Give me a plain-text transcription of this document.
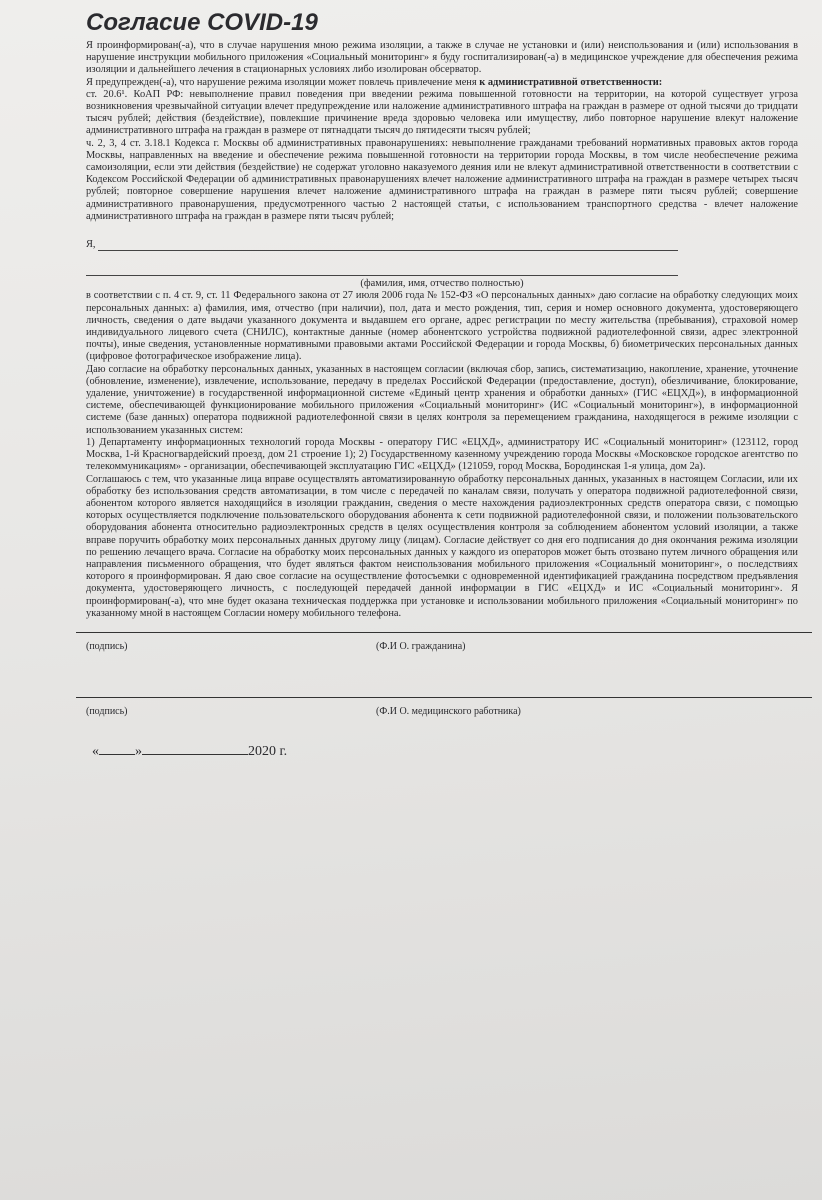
Согласие COVID-19

Я проинформирован(-а), что в случае нарушения мною режима изоляции, а также в случае не установки и (или) неиспользования и (или) использования в нарушение инструкции мобильного приложения «Социальный мониторинг» я буду госпитализирован(-а) в медицинское учреждение для обеспечения режима изоляции и дальнейшего лечения в стационарных условиях либо изолирован обсерватор.

Я предупрежден(-а), что нарушение режима изоляции может повлечь привлечение меня к административной ответственности:

ст. 20.6¹. КоАП РФ: невыполнение правил поведения при введении режима повышенной готовности на территории, на которой существует угроза возникновения чрезвычайной ситуации влечет предупреждение или наложение административного штрафа на граждан в размере от одной тысячи до тридцати тысяч рублей; действия (бездействие), повлекшие причинение вреда здоровью человека или имуществу, либо повторное нарушение влекут наложение административного штрафа на граждан в размере от пятнадцати тысяч до пятидесяти тысяч рублей;

ч. 2, 3, 4 ст. 3.18.1 Кодекса г. Москвы об административных правонарушениях: невыполнение гражданами требований нормативных правовых актов города Москвы, направленных на введение и обеспечение режима повышенной готовности на территории города Москвы, в том числе необеспечение режима самоизоляции, если эти действия (бездействие) не содержат уголовно наказуемого деяния или не влекут административной ответственности в соответствии с Кодексом Российской Федерации об административных правонарушениях влечет наложение административного штрафа на граждан в размере четырех тысяч рублей; повторное совершение нарушения влечет наложение административного штрафа на граждан в размере пяти тысяч рублей; совершение административного правонарушения, предусмотренного частью 2 настоящей статьи, с использованием транспортного средства - влечет наложение административного штрафа на граждан в размере пяти тысяч рублей;

Я,
(фамилия, имя, отчество полностью)

в соответствии с п. 4 ст. 9, ст. 11 Федерального закона от 27 июля 2006 года № 152-ФЗ «О персональных данных» даю согласие на обработку следующих моих персональных данных: а) фамилия, имя, отчество (при наличии), пол, дата и место рождения, тип, серия и номер основного документа, удостоверяющего личность, сведения о дате выдачи указанного документа и выдавшем его органе, адрес регистрации по месту жительства (пребывания), страховой номер индивидуального лицевого счета (СНИЛС), контактные данные (номер абонентского устройства подвижной радиотелефонной связи, адрес электронной почты), иные сведения, установленные нормативными правовыми актами Российской Федерации и города Москвы, б) биометрических персональных данных (цифровое фотографическое изображение лица).

Даю согласие на обработку персональных данных, указанных в настоящем согласии (включая сбор, запись, систематизацию, накопление, хранение, уточнение (обновление, изменение), извлечение, использование, передачу в пределах Российской Федерации (предоставление, доступ), обезличивание, блокирование, удаление, уничтожение) в государственной информационной системе «Единый центр хранения и обработки данных» (ГИС «ЕЦХД»), в информационной системе, обеспечивающей функционирование мобильного приложения «Социальный мониторинг» (ИС «Социальный мониторинг»), в информационной системе (базе данных) оператора подвижной радиотелефонной связи в целях контроля за перемещением гражданина, находящегося в режиме изоляции с использованием указанных систем:

1) Департаменту информационных технологий города Москвы - оператору ГИС «ЕЦХД», администратору ИС «Социальный мониторинг» (123112, город Москва, 1-й Красногвардейский проезд, дом 21 строение 1); 2) Государственному казенному учреждению города Москвы «Московское городское агентство по телекоммуникациям» - организации, обеспечивающей эксплуатацию ГИС «ЕЦХД» (121059, город Москва, Бородинская 1-я улица, дом 2а).

Соглашаюсь с тем, что указанные лица вправе осуществлять автоматизированную обработку персональных данных, указанных в настоящем Согласии, или их обработку без использования средств автоматизации, в том числе с передачей по каналам связи, получать у оператора подвижной радиотелефонной связи, абонентом которого является находящийся в изоляции гражданин, сведения о месте нахождения радиоэлектронных средств оператора связи, с помощью которых осуществляется подключение пользовательского оборудования абонента к сети подвижной радиотелефонной связи, и положении пользовательского оборудования абонента относительно радиоэлектронных средств в целях осуществления контроля за соблюдением абонентом условий изоляции, а также вправе поручить обработку моих персональных данных другому лицу (лицам). Согласие действует со дня его подписания до дня окончания режима изоляции по решению лечащего врача. Согласие на обработку моих персональных данных у каждого из операторов может быть отозвано путем личного обращения или направления письменного обращения, что будет являться фактом неиспользования мобильного приложения «Социальный мониторинг», о последствиях которого я проинформирован. Я даю свое согласие на осуществление фотосъемки с одновременной идентификацией гражданина посредством предъявления документа, удостоверяющего личность, с последующей передачей данной информации в ГИС «ЕЦХД» и ИС «Социальный мониторинг». Я проинформирован(-а), что мне будет оказана техническая поддержка при установке и использовании мобильного приложения «Социальный мониторинг» по указанному мной в настоящем Согласии номеру мобильного телефона.

(подпись)	(Ф.И О. гражданина)
(подпись)	(Ф.И О. медицинского работника)
«	»	2020 г.
